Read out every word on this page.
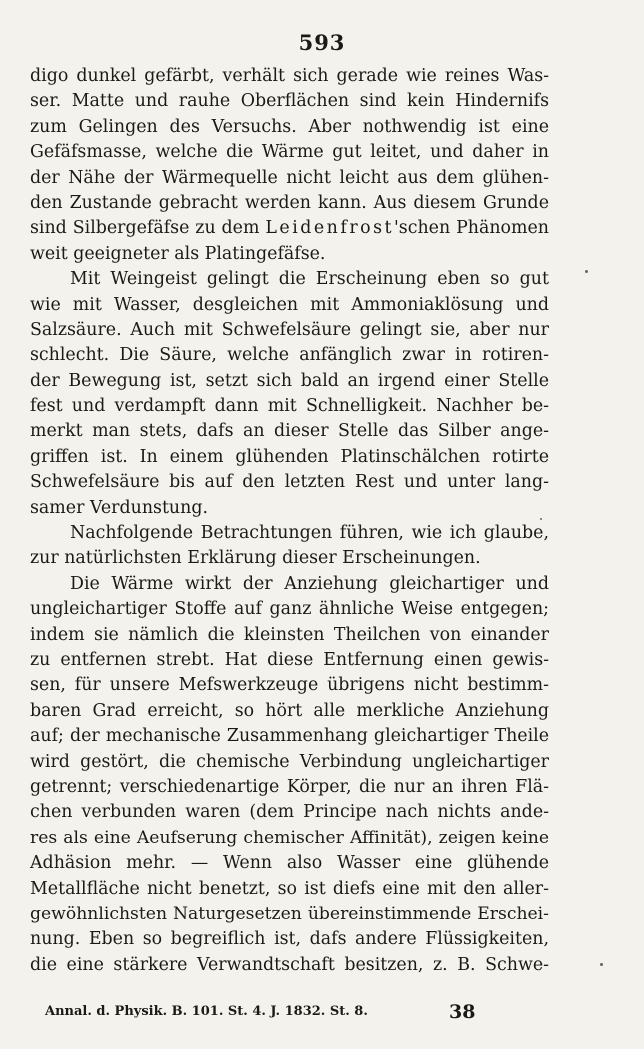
593
digo dunkel gefärbt, verhält sich gerade wie reines Was-
ser. Matte und rauhe Oberflächen sind kein Hindernifs
zum Gelingen des Versuchs. Aber nothwendig ist eine
Gefäfsmasse, welche die Wärme gut leitet, und daher in
der Nähe der Wärmequelle nicht leicht aus dem glühen-
den Zustande gebracht werden kann. Aus diesem Grunde
sind Silbergefäfse zu dem Leidenfrost'schen Phänomen
weit geeigneter als Platingefäfse.
Mit Weingeist gelingt die Erscheinung eben so gut
wie mit Wasser, desgleichen mit Ammoniaklösung und
Salzsäure. Auch mit Schwefelsäure gelingt sie, aber nur
schlecht. Die Säure, welche anfänglich zwar in rotiren-
der Bewegung ist, setzt sich bald an irgend einer Stelle
fest und verdampft dann mit Schnelligkeit. Nachher be-
merkt man stets, dafs an dieser Stelle das Silber ange-
griffen ist. In einem glühenden Platinschälchen rotirte
Schwefelsäure bis auf den letzten Rest und unter lang-
samer Verdunstung.
Nachfolgende Betrachtungen führen, wie ich glaube,
zur natürlichsten Erklärung dieser Erscheinungen.
Die Wärme wirkt der Anziehung gleichartiger und
ungleichartiger Stoffe auf ganz ähnliche Weise entgegen;
indem sie nämlich die kleinsten Theilchen von einander
zu entfernen strebt. Hat diese Entfernung einen gewis-
sen, für unsere Mefswerkzeuge übrigens nicht bestimm-
baren Grad erreicht, so hört alle merkliche Anziehung
auf; der mechanische Zusammenhang gleichartiger Theile
wird gestört, die chemische Verbindung ungleichartiger
getrennt; verschiedenartige Körper, die nur an ihren Flä-
chen verbunden waren (dem Principe nach nichts ande-
res als eine Aeufserung chemischer Affinität), zeigen keine
Adhäsion mehr. — Wenn also Wasser eine glühende
Metallfläche nicht benetzt, so ist diefs eine mit den aller-
gewöhnlichsten Naturgesetzen übereinstimmende Erschei-
nung. Eben so begreiflich ist, dafs andere Flüssigkeiten,
die eine stärkere Verwandtschaft besitzen, z. B. Schwe-
Annal. d. Physik. B. 101. St. 4. J. 1832. St. 8.	38
